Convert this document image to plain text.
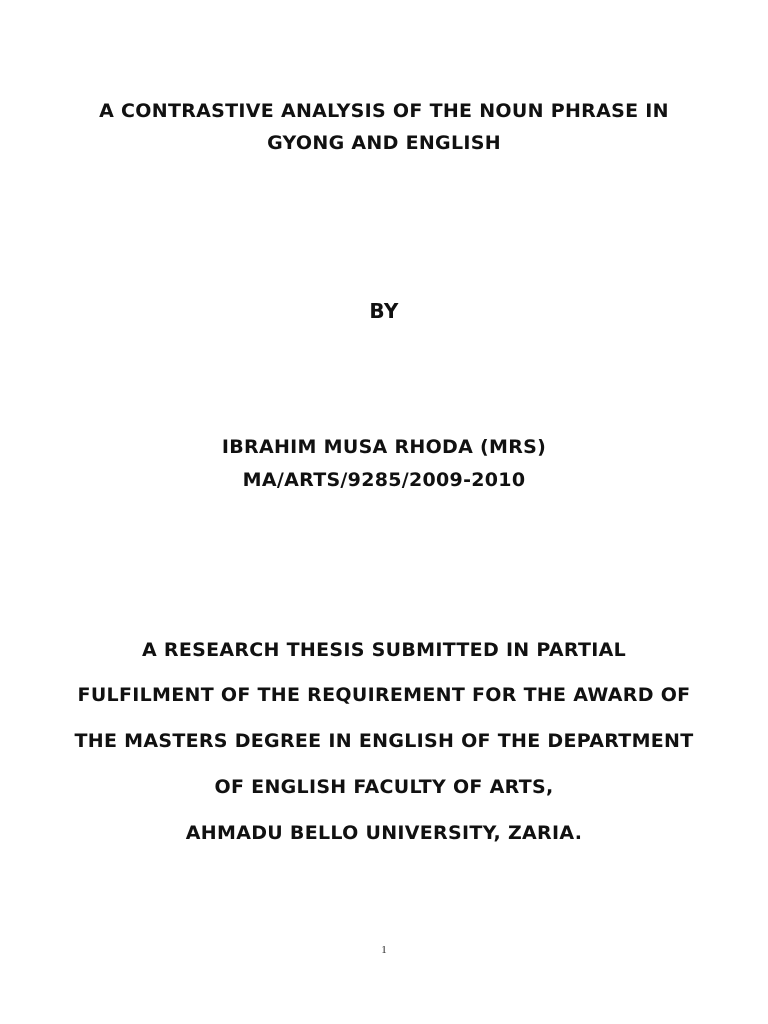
A CONTRASTIVE ANALYSIS OF THE NOUN PHRASE IN
GYONG AND ENGLISH
BY
IBRAHIM MUSA RHODA (MRS)
MA/ARTS/9285/2009-2010
A RESEARCH THESIS SUBMITTED IN PARTIAL
FULFILMENT OF THE REQUIREMENT FOR THE AWARD OF
THE MASTERS DEGREE IN ENGLISH OF THE DEPARTMENT
OF ENGLISH FACULTY OF ARTS,
AHMADU BELLO UNIVERSITY, ZARIA.
1
